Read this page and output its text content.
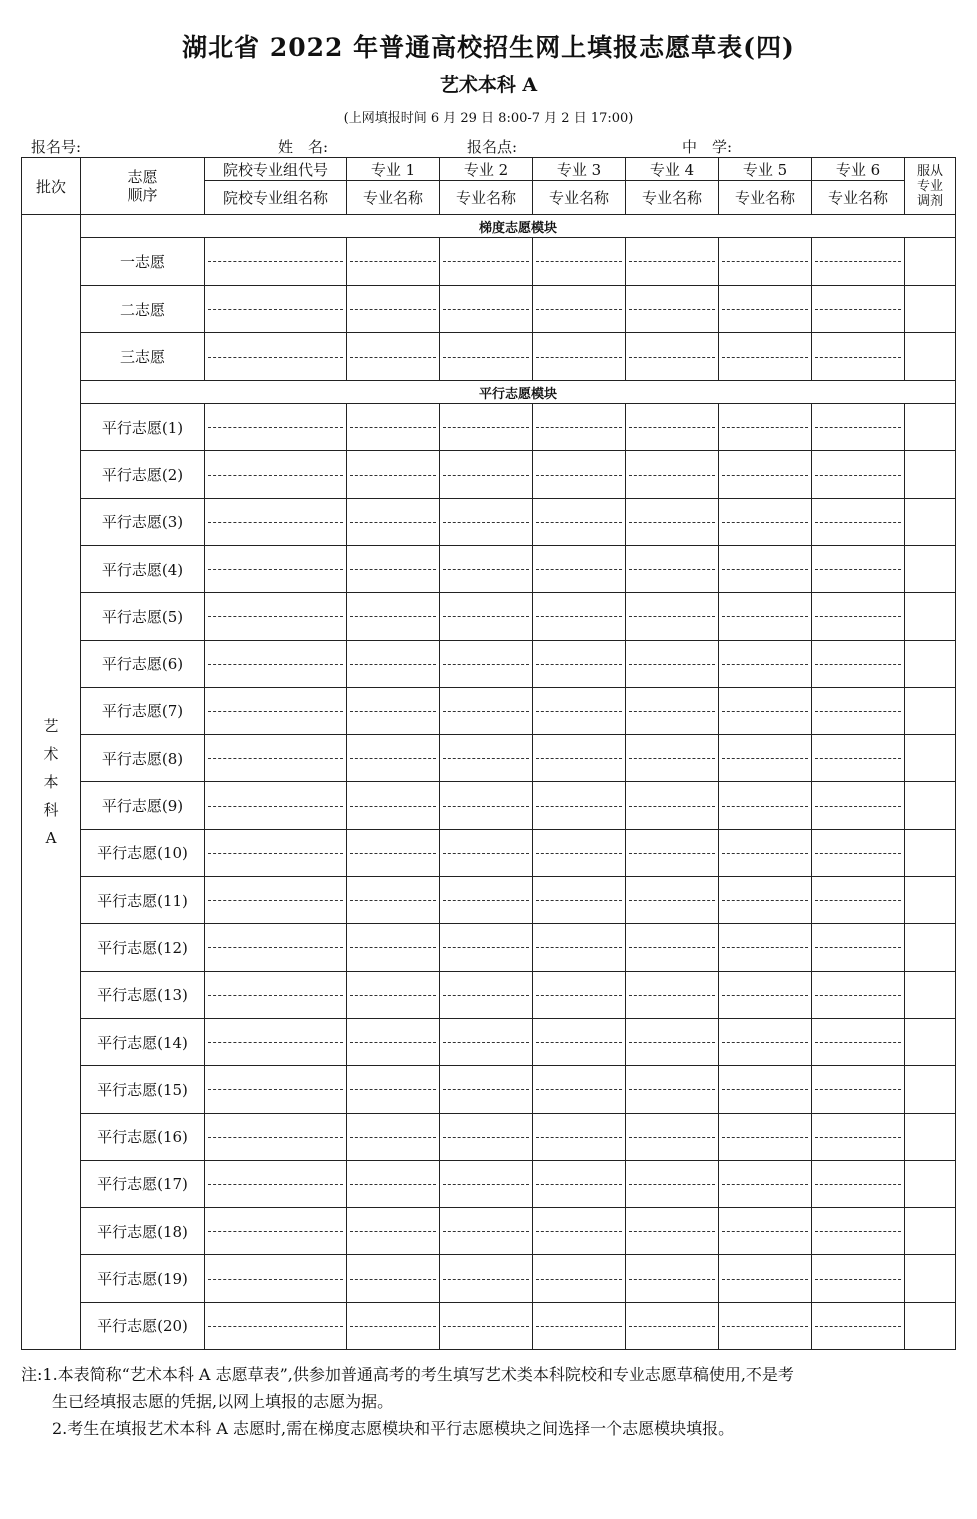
湖北省 2022 年普通高校招生网上填报志愿草表(四)
艺术本科 A
(上网填报时间 6 月 29 日 8:00-7 月 2 日 17:00)
报名号:	姓　名:	报名点:	中　学:
批次	志愿顺序	院校专业组代号	专业 1	专业 2	专业 3	专业 4	专业 5	专业 6	服从专业调剂

		院校专业组名称	专业名称	专业名称	专业名称	专业名称	专业名称	专业名称	

艺术本科A	梯度志愿模块								
	一志愿								
	二志愿								
	三志愿								
	平行志愿模块								
	平行志愿(1)								
	平行志愿(2)								
	平行志愿(3)								
	平行志愿(4)								
	平行志愿(5)								
	平行志愿(6)								
	平行志愿(7)								
	平行志愿(8)								
	平行志愿(9)								
	平行志愿(10)								
	平行志愿(11)								
	平行志愿(12)								
	平行志愿(13)								
	平行志愿(14)								
	平行志愿(15)								
	平行志愿(16)								
	平行志愿(17)								
	平行志愿(18)								
	平行志愿(19)								
	平行志愿(20)								
注:1.本表简称“艺术本科 A 志愿草表”,供参加普通高考的考生填写艺术类本科院校和专业志愿草稿使用,不是考
生已经填报志愿的凭据,以网上填报的志愿为据。
2.考生在填报艺术本科 A 志愿时,需在梯度志愿模块和平行志愿模块之间选择一个志愿模块填报。
